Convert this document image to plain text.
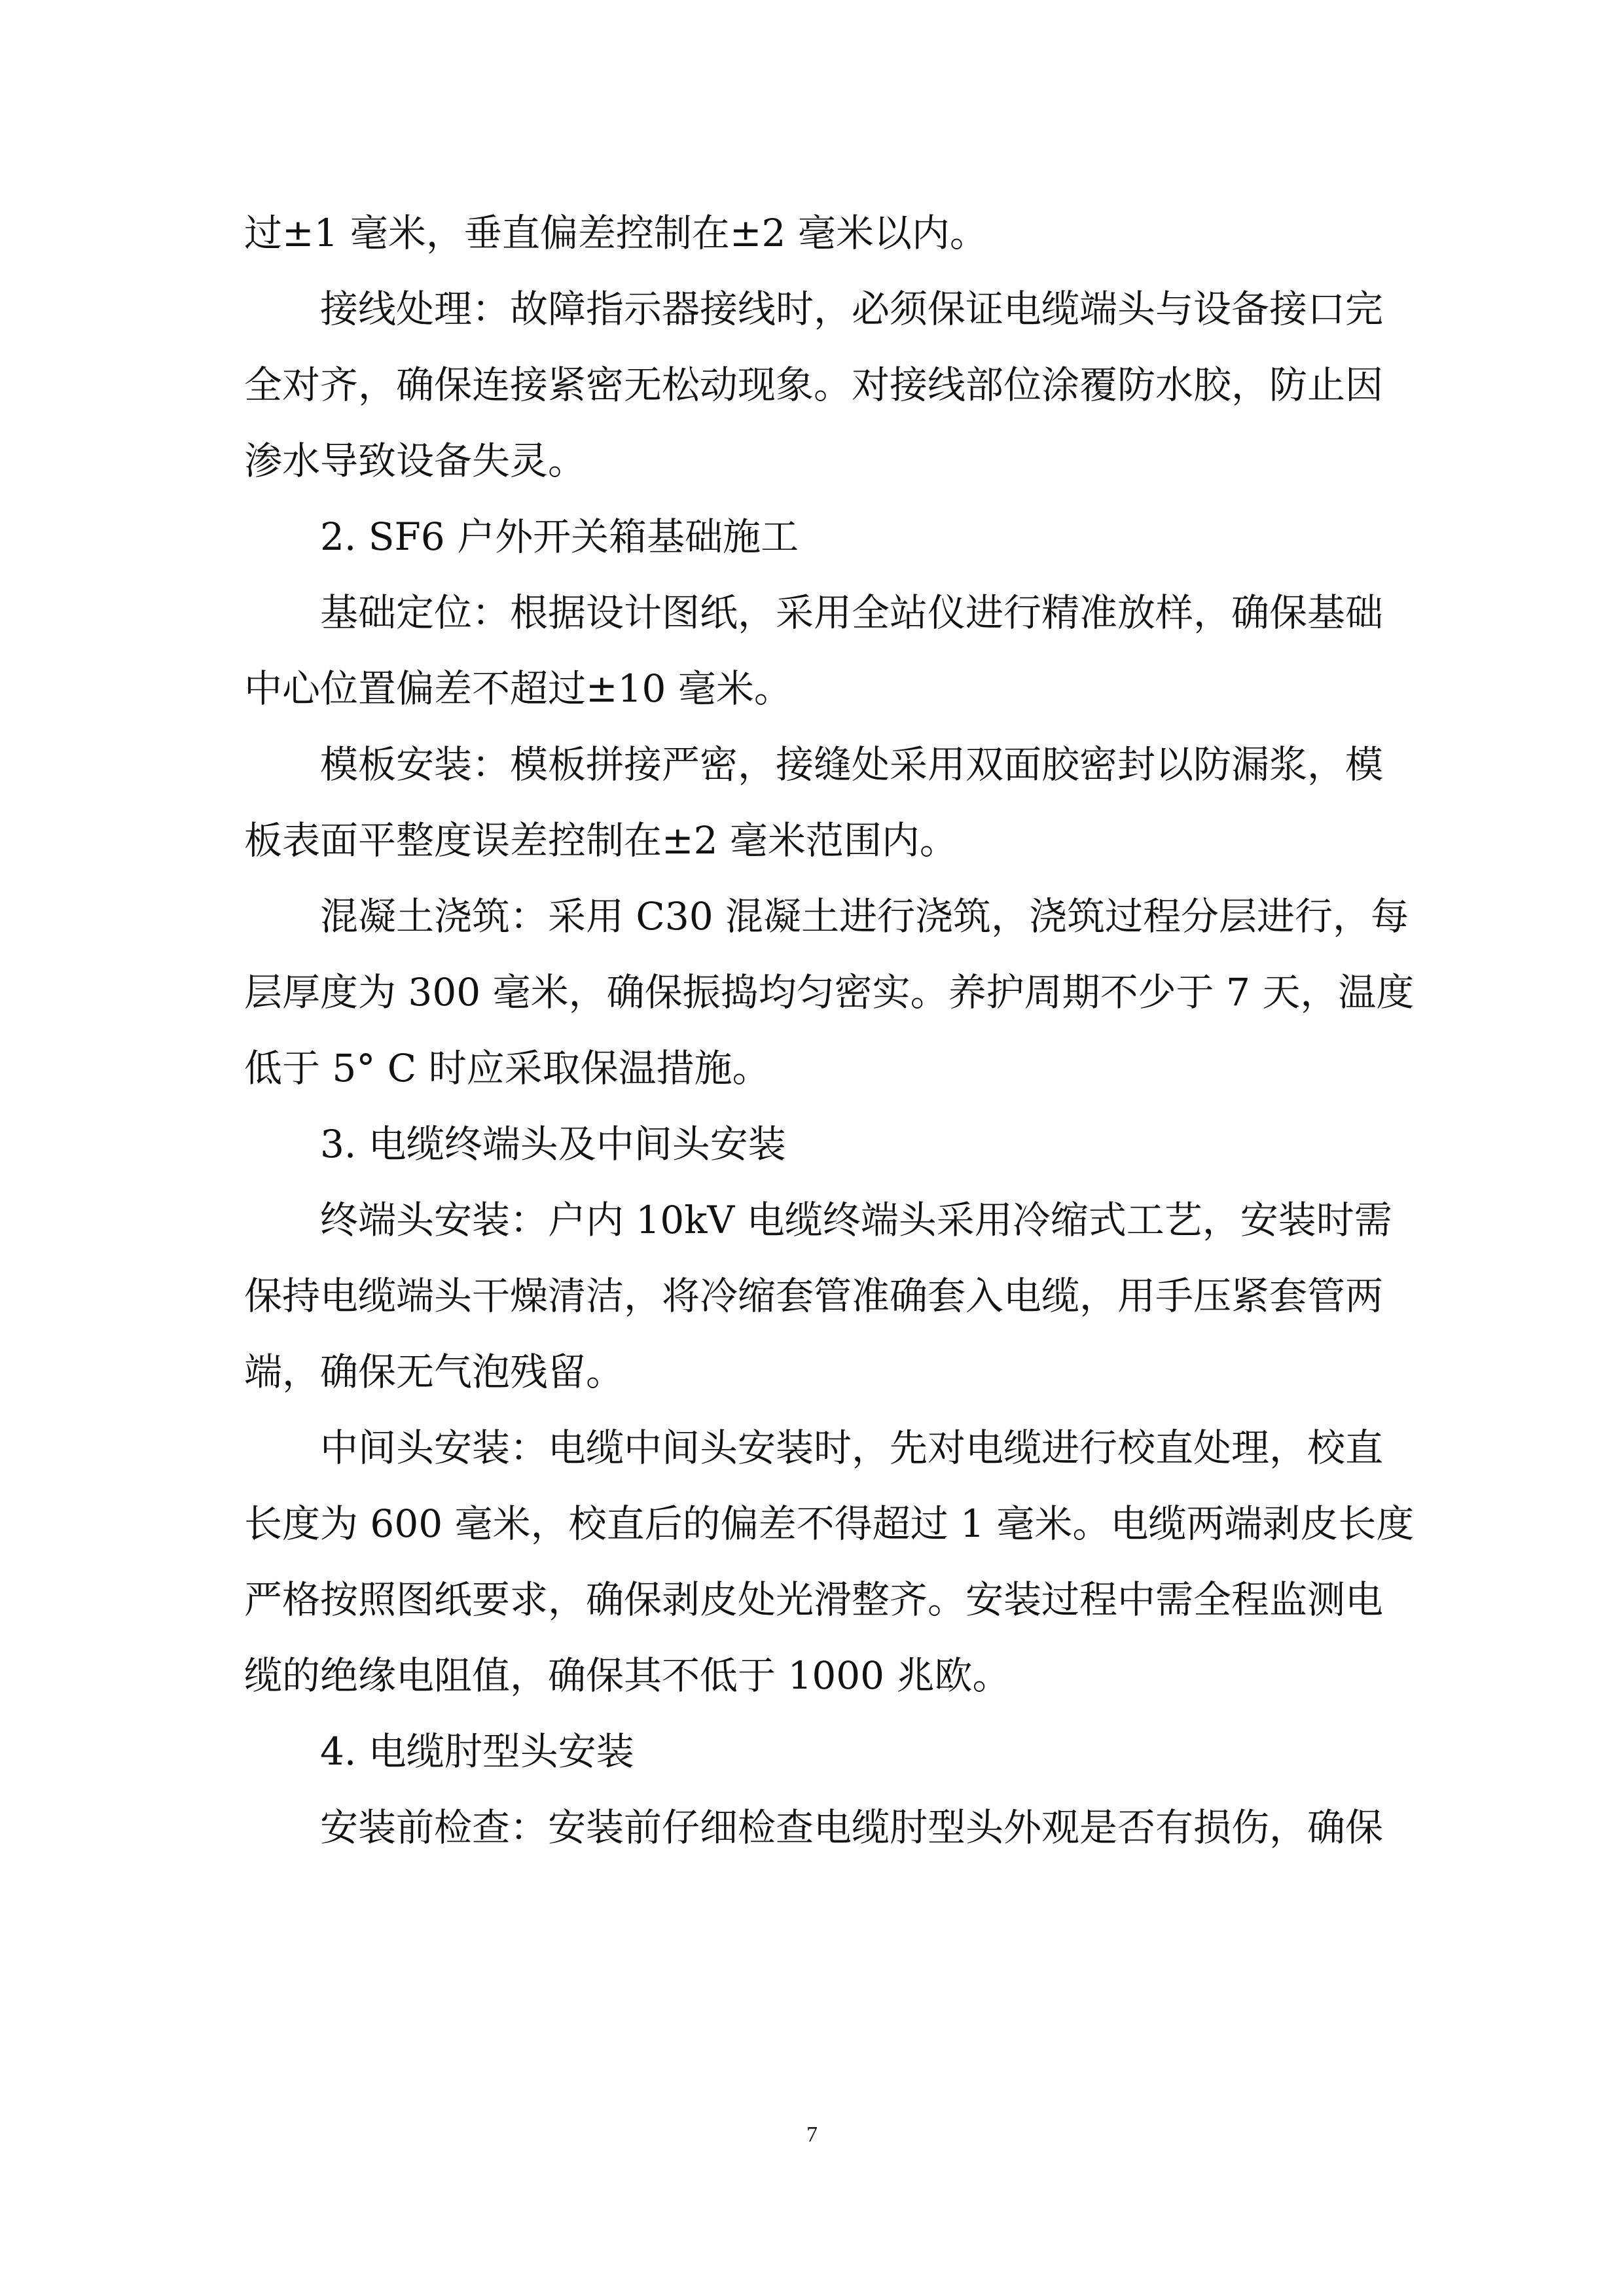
过±1 毫米，垂直偏差控制在±2 毫米以内。

接线处理：故障指示器接线时，必须保证电缆端头与设备接口完

全对齐，确保连接紧密无松动现象。对接线部位涂覆防水胶，防止因

渗水导致设备失灵。

2. SF6 户外开关箱基础施工

基础定位：根据设计图纸，采用全站仪进行精准放样，确保基础

中心位置偏差不超过±10 毫米。

模板安装：模板拼接严密，接缝处采用双面胶密封以防漏浆，模

板表面平整度误差控制在±2 毫米范围内。

混凝土浇筑：采用 C30 混凝土进行浇筑，浇筑过程分层进行，每

层厚度为 300 毫米，确保振捣均匀密实。养护周期不少于 7 天，温度

低于 5° C 时应采取保温措施。

3. 电缆终端头及中间头安装

终端头安装：户内 10kV 电缆终端头采用冷缩式工艺，安装时需

保持电缆端头干燥清洁，将冷缩套管准确套入电缆，用手压紧套管两

端，确保无气泡残留。

中间头安装：电缆中间头安装时，先对电缆进行校直处理，校直

长度为 600 毫米，校直后的偏差不得超过 1 毫米。电缆两端剥皮长度

严格按照图纸要求，确保剥皮处光滑整齐。安装过程中需全程监测电

缆的绝缘电阻值，确保其不低于 1000 兆欧。

4. 电缆肘型头安装

安装前检查：安装前仔细检查电缆肘型头外观是否有损伤，确保

7
